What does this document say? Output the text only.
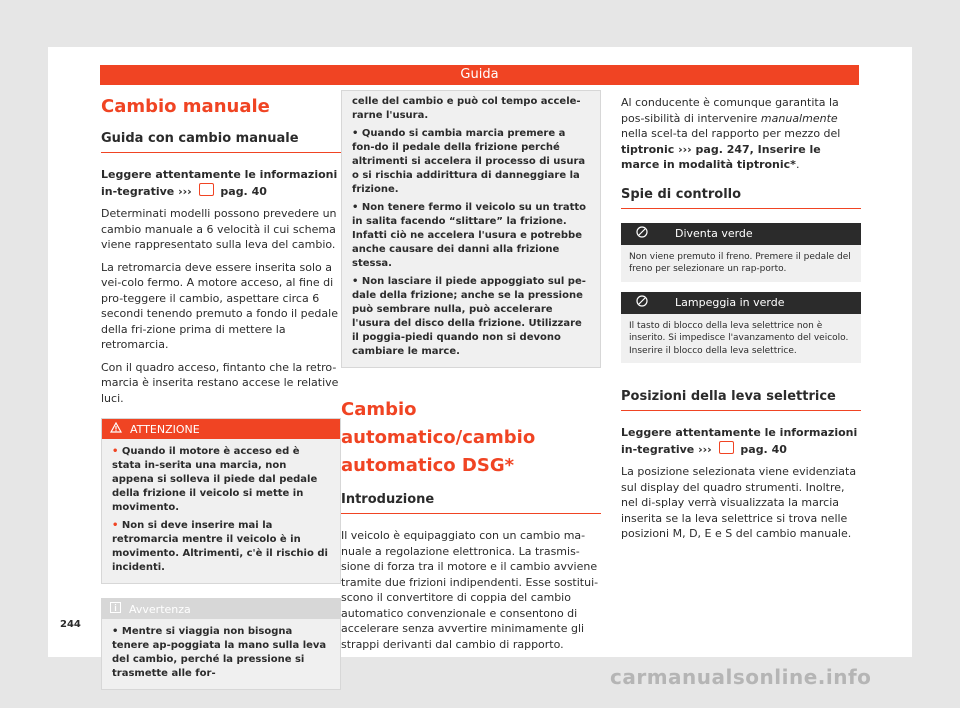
Guida
Cambio manuale
Guida con cambio manuale

Leggere attentamente le informazioni in-tegrative ›››	pag. 40

Determinati modelli possono prevedere un cambio manuale a 6 velocità il cui schema viene rappresentato sulla leva del cambio.

La retromarcia deve essere inserita solo a vei-colo fermo. A motore acceso, al fine di pro-teggere il cambio, aspettare circa 6 secondi tenendo premuto a fondo il pedale della fri-zione prima di mettere la retromarcia.

Con il quadro acceso, fintanto che la retro-marcia è inserita restano accese le relative luci.

ATTENZIONE

• Quando il motore è acceso ed è stata in-serita una marcia, non appena si solleva il piede dal pedale della frizione il veicolo si mette in movimento.

• Non si deve inserire mai la retromarcia mentre il veicolo è in movimento. Altrimenti, c'è il rischio di incidenti.

Avvertenza

• Mentre si viaggia non bisogna tenere ap-poggiata la mano sulla leva del cambio, perché la pressione si trasmette alle for-

celle del cambio e può col tempo accele-rarne l'usura.

• Quando si cambia marcia premere a fon-do il pedale della frizione perché altrimenti si accelera il processo di usura o si rischia addirittura di danneggiare la frizione.

• Non tenere fermo il veicolo su un tratto in salita facendo “slittare” la frizione. Infatti ciò ne accelera l'usura e potrebbe anche causare dei danni alla frizione stessa.

• Non lasciare il piede appoggiato sul pe-dale della frizione; anche se la pressione può sembrare nulla, può accelerare l'usura del disco della frizione. Utilizzare il poggia-piedi quando non si devono cambiare le marce.

Cambio automatico/cambio automatico DSG*
Introduzione

Il veicolo è equipaggiato con un cambio ma-nuale a regolazione elettronica. La trasmis-sione di forza tra il motore e il cambio avviene tramite due frizioni indipendenti. Esse sostitui-scono il convertitore di coppia del cambio automatico convenzionale e consentono di accelerare senza avvertire minimamente gli strappi derivanti dal cambio di rapporto.

Al conducente è comunque garantita la pos-sibilità di intervenire manualmente nella scel-ta del rapporto per mezzo del tiptronic ››› pag. 247, Inserire le marce in modalità tiptronic*.

Spie di controllo
Diventa verde
Non viene premuto il freno. Premere il pedale del freno per selezionare un rap-porto.
Lampeggia in verde
Il tasto di blocco della leva selettrice non è inserito. Si impedisce l'avanzamento del veicolo. Inserire il blocco della leva selettrice.
Posizioni della leva selettrice

Leggere attentamente le informazioni in-tegrative ›››	pag. 40

La posizione selezionata viene evidenziata sul display del quadro strumenti. Inoltre, nel di-splay verrà visualizzata la marcia inserita se la leva selettrice si trova nelle posizioni M, D, E e S del cambio manuale.

244
carmanualsonline.info
